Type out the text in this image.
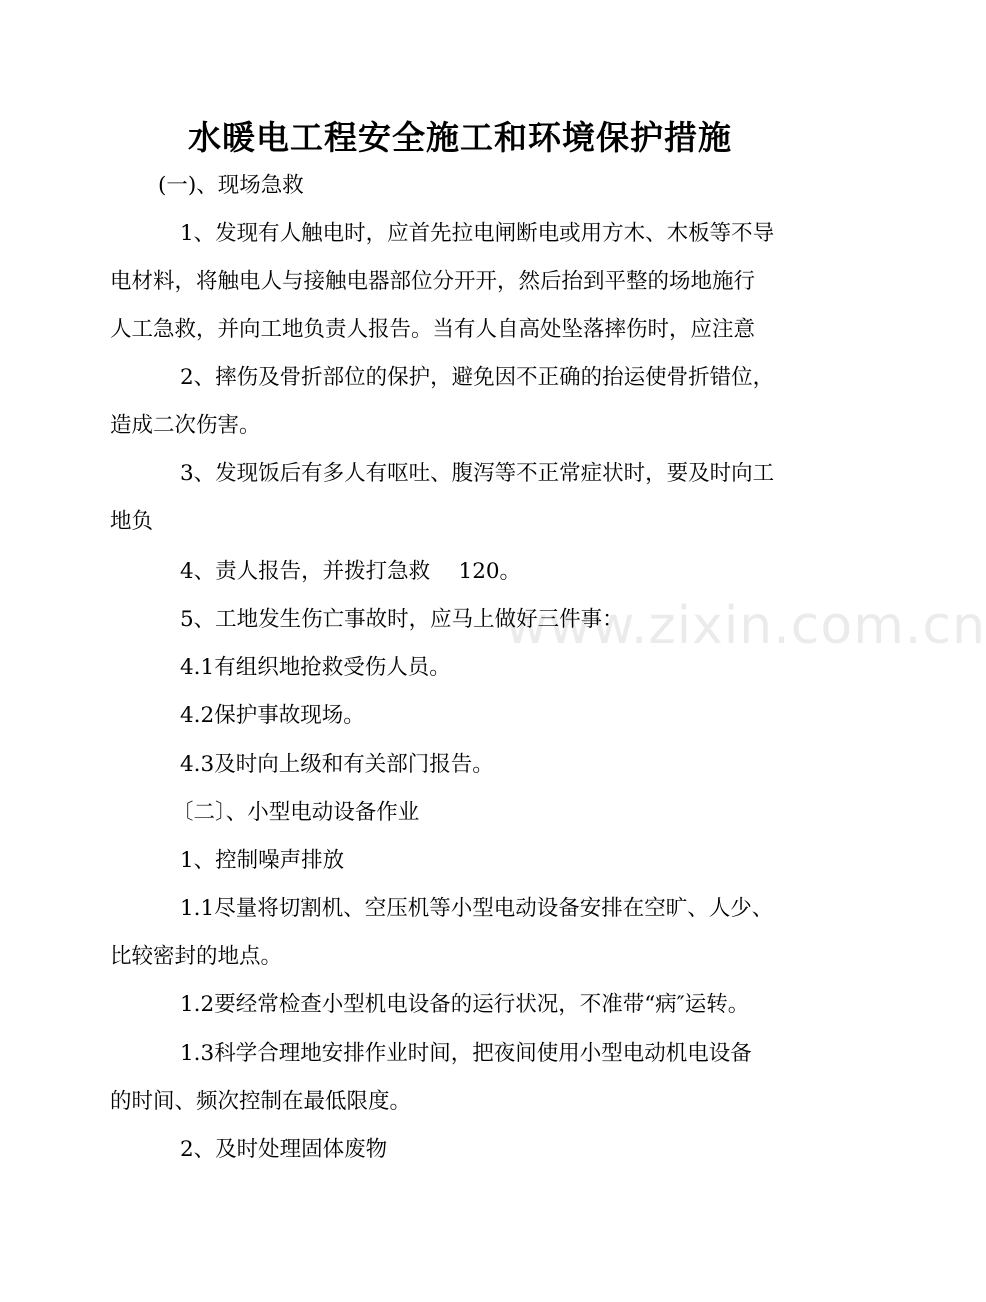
水暖电工程安全施工和环境保护措施
(一)、现场急救
1、发现有人触电时，应首先拉电闸断电或用方木、木板等不导
电材料，将触电人与接触电器部位分开开，然后抬到平整的场地施行
人工急救，并向工地负责人报告。当有人自高处坠落摔伤时，应注意
2、摔伤及骨折部位的保护，避免因不正确的抬运使骨折错位，
造成二次伤害。
3、发现饭后有多人有呕吐、腹泻等不正常症状时，要及时向工
地负
4、责人报告，并拨打急救　 120。
5、工地发生伤亡事故时，应马上做好三件事：
4.1有组织地抢救受伤人员。
4.2保护事故现场。
4.3及时向上级和有关部门报告。
〔二〕、小型电动设备作业
1、控制噪声排放
1.1尽量将切割机、空压机等小型电动设备安排在空旷、人少、
比较密封的地点。
1.2要经常检查小型机电设备的运行状况，不准带“病″运转。
1.3科学合理地安排作业时间，把夜间使用小型电动机电设备
的时间、频次控制在最低限度。
2、及时处理固体废物
www.zixin.com.cn
